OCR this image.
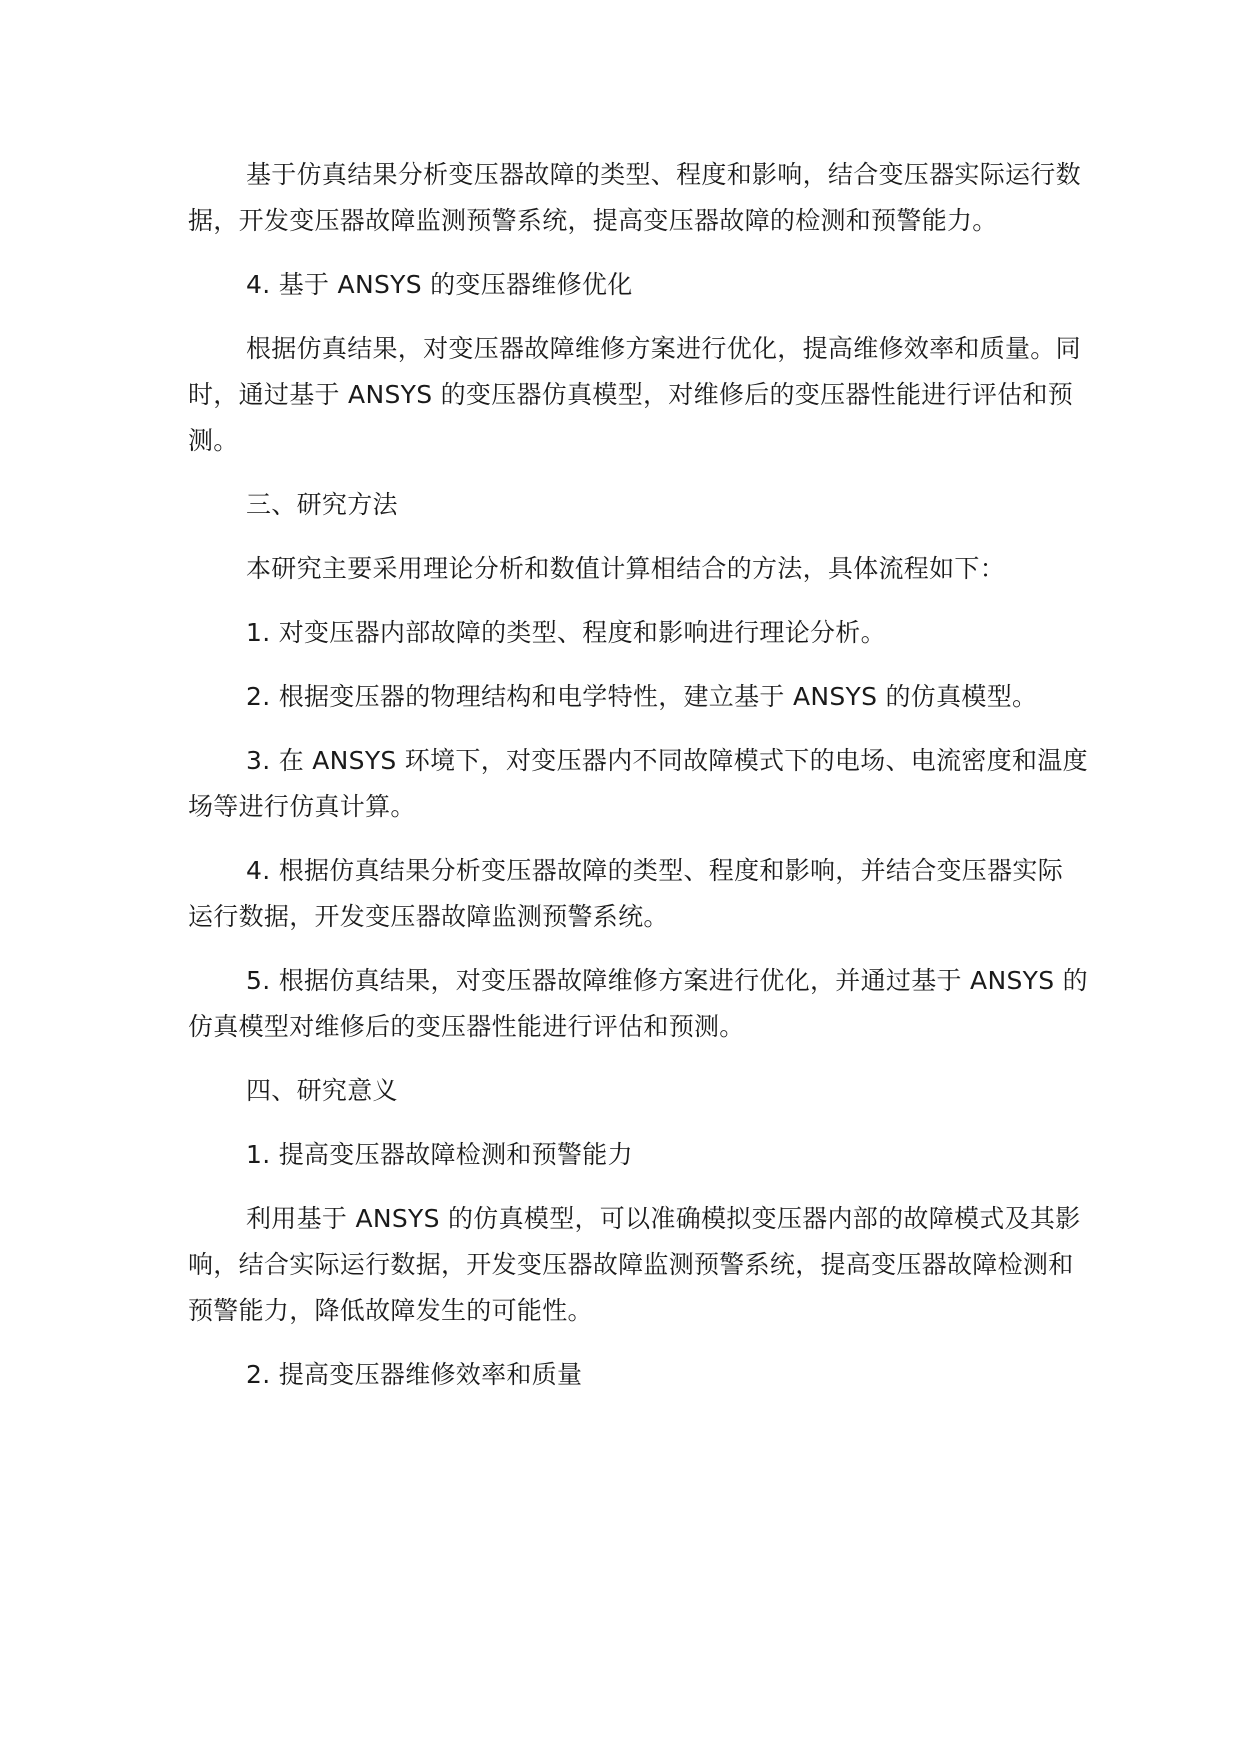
基于仿真结果分析变压器故障的类型、程度和影响，结合变压器实际运行数据，开发变压器故障监测预警系统，提高变压器故障的检测和预警能力。

4. 基于 ANSYS 的变压器维修优化

根据仿真结果，对变压器故障维修方案进行优化，提高维修效率和质量。同时，通过基于 ANSYS 的变压器仿真模型，对维修后的变压器性能进行评估和预测。

三、研究方法

本研究主要采用理论分析和数值计算相结合的方法，具体流程如下：

1. 对变压器内部故障的类型、程度和影响进行理论分析。

2. 根据变压器的物理结构和电学特性，建立基于 ANSYS 的仿真模型。

3. 在 ANSYS 环境下，对变压器内不同故障模式下的电场、电流密度和温度场等进行仿真计算。

4. 根据仿真结果分析变压器故障的类型、程度和影响，并结合变压器实际运行数据，开发变压器故障监测预警系统。

5. 根据仿真结果，对变压器故障维修方案进行优化，并通过基于 ANSYS 的仿真模型对维修后的变压器性能进行评估和预测。

四、研究意义

1. 提高变压器故障检测和预警能力

利用基于 ANSYS 的仿真模型，可以准确模拟变压器内部的故障模式及其影响，结合实际运行数据，开发变压器故障监测预警系统，提高变压器故障检测和预警能力，降低故障发生的可能性。

2. 提高变压器维修效率和质量
